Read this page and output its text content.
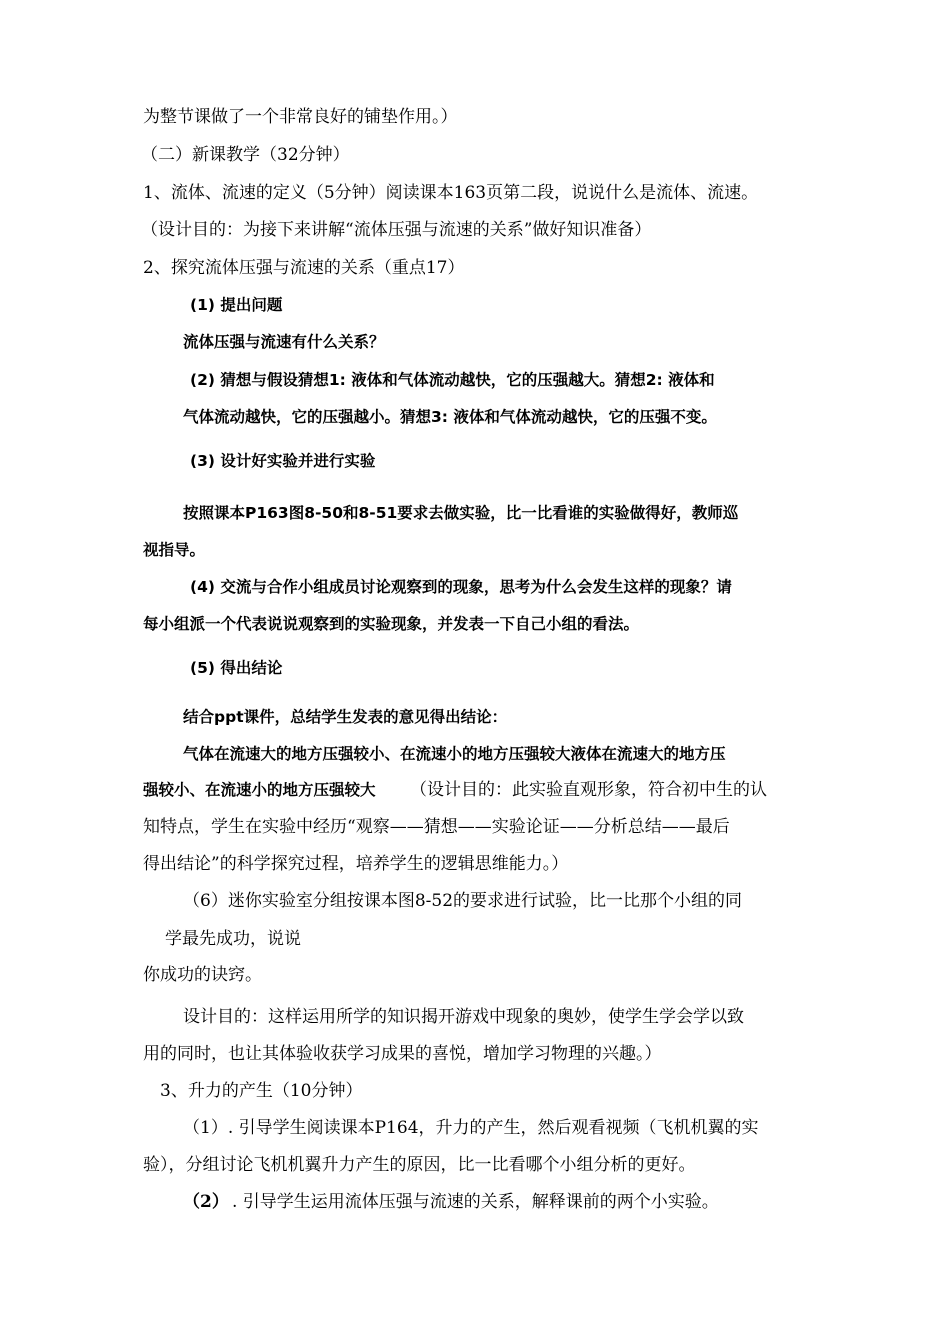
为整节课做了一个非常良好的铺垫作用。）
（二）新课教学（32分钟）
1、流体、流速的定义（5分钟）阅读课本163页第二段，说说什么是流体、流速。
（设计目的：为接下来讲解“流体压强与流速的关系”做好知识准备）
2、探究流体压强与流速的关系（重点17）
(1) 提出问题
流体压强与流速有什么关系？
(2) 猜想与假设猜想1: 液体和气体流动越快，它的压强越大。猜想2: 液体和
气体流动越快，它的压强越小。猜想3: 液体和气体流动越快，它的压强不变。
(3) 设计好实验并进行实验
按照课本P163图8-50和8-51要求去做实验，比一比看谁的实验做得好，教师巡
视指导。
(4) 交流与合作小组成员讨论观察到的现象，思考为什么会发生这样的现象？请
每小组派一个代表说说观察到的实验现象，并发表一下自己小组的看法。
(5) 得出结论
结合ppt课件，总结学生发表的意见得出结论：
气体在流速大的地方压强较小、在流速小的地方压强较大液体在流速大的地方压
强较小、在流速小的地方压强较大 （设计目的：此实验直观形象，符合初中生的认
知特点，学生在实验中经历“观察——猜想——实验论证——分析总结——最后
得出结论”的科学探究过程，培养学生的逻辑思维能力。）
（6）迷你实验室分组按课本图8-52的要求进行试验，比一比那个小组的同
学最先成功，说说
你成功的诀窍。
设计目的：这样运用所学的知识揭开游戏中现象的奥妙，使学生学会学以致
用的同时，也让其体验收获学习成果的喜悦，增加学习物理的兴趣。）
3、升力的产生（10分钟）
（1）. 引导学生阅读课本P164，升力的产生，然后观看视频（飞机机翼的实
验），分组讨论飞机机翼升力产生的原因，比一比看哪个小组分析的更好。
（2） . 引导学生运用流体压强与流速的关系，解释课前的两个小实验。
